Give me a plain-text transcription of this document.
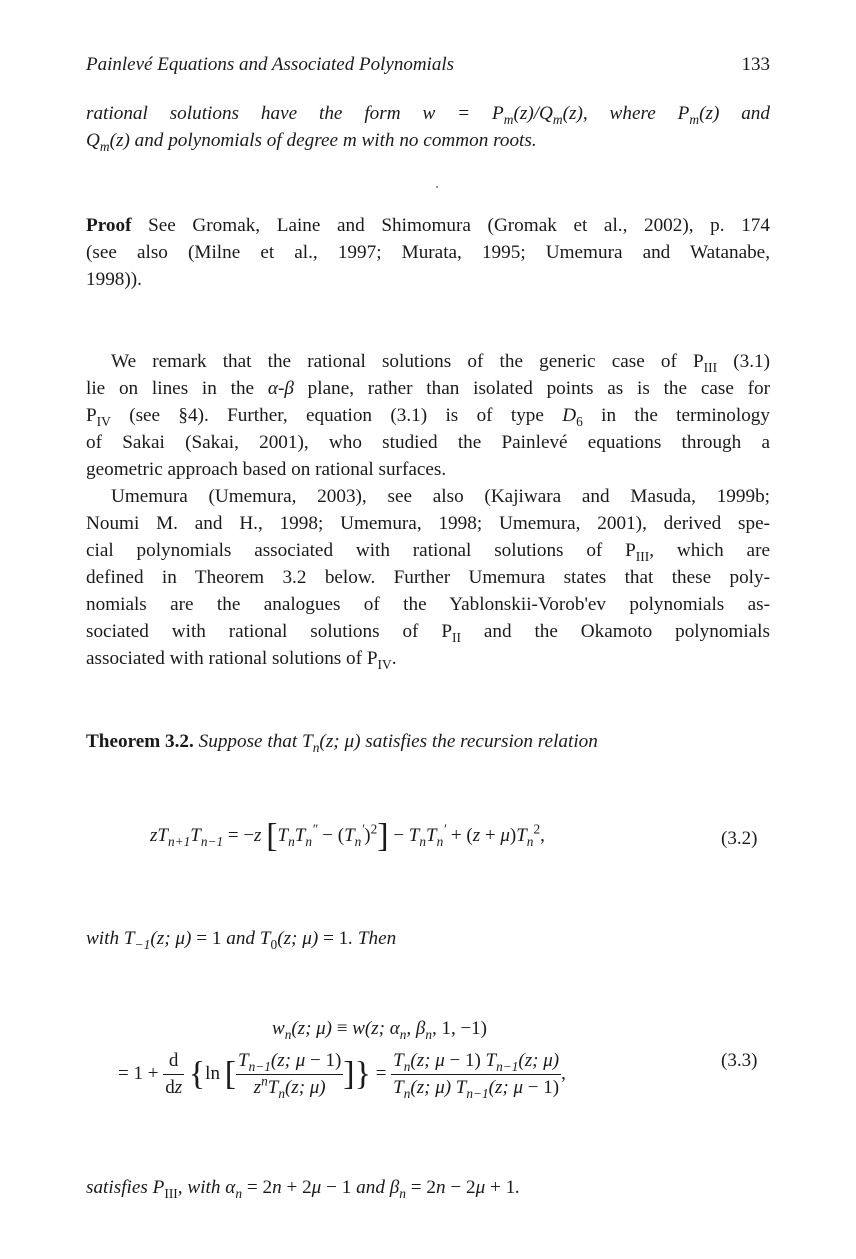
Painlevé Equations and Associated Polynomials	133
rational solutions have the form $w = P_m(z)/Q_m(z)$, where $P_m(z)$ and
$Q_m(z)$ and polynomials of degree m with no common roots.
Proof See Gromak, Laine and Shimomura (Gromak et al., 2002), p. 174
(see also (Milne et al., 1997; Murata, 1995; Umemura and Watanabe,
1998)).
We remark that the rational solutions of the generic case of $P_{III}$ (3.1)
lie on lines in the α-β plane, rather than isolated points as is the case for
$P_{IV}$ (see §4). Further, equation (3.1) is of type $D_6$ in the terminology
of Sakai (Sakai, 2001), who studied the Painlevé equations through a
geometric approach based on rational surfaces.
Umemura (Umemura, 2003), see also (Kajiwara and Masuda, 1999b;
Noumi M. and H., 1998; Umemura, 1998; Umemura, 2001), derived spe-
cial polynomials associated with rational solutions of $P_{III}$, which are
defined in Theorem 3.2 below. Further Umemura states that these poly-
nomials are the analogues of the Yablonskii-Vorob'ev polynomials as-
sociated with rational solutions of $P_{II}$ and the Okamoto polynomials
associated with rational solutions of $P_{IV}$.
Theorem 3.2. Suppose that $T_n(z$; μ) satisfies the recursion relation
$zT_{n+1}T_{n-1} = -z$ $[T_nT_n'' - (T_n')^2] - T_nT_n' + (z + \mu)T_n^2$,	(3.2)
with $T_{-1}(z$; μ) = 1 and $T_0(z$; μ) = 1. Then
$w_n(z$; μ) ≡ w(z; $\alpha_n$, $\beta_n$, 1, −1)
= $1 + \frac{d}{dz} \{\ln$ [ $\frac{T_{n-1}(z; \mu - 1)}{z^nT_n(z; \mu)}$ ]} = $\frac{T_n(z; \mu - 1) T_{n-1}(z; \mu)}{T_n(z; \mu) T_{n-1}(z; \mu - 1)}$ ,
(3.3)
satisfies $P_{III}$, with $\alpha_n = 2n + 2\mu - 1$ and $\beta_n = 2n - 2\mu + 1$.
